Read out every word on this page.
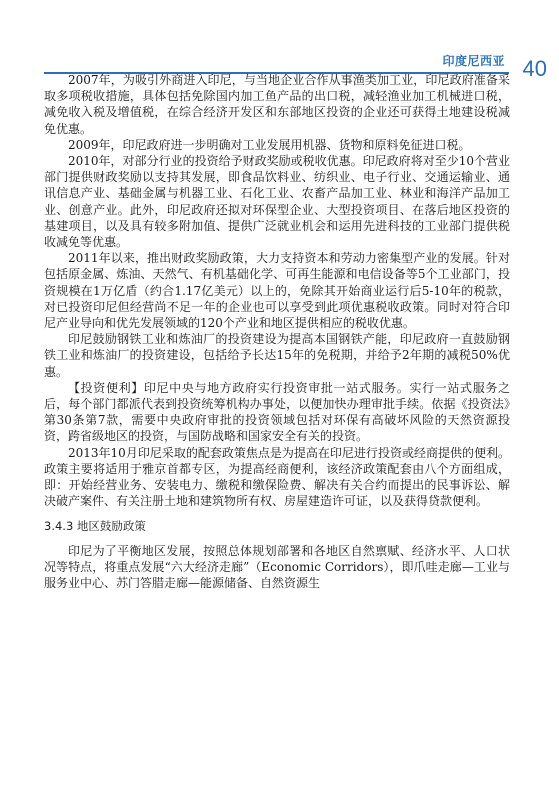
印度尼西亚 40

2007年，为吸引外商进入印尼，与当地企业合作从事渔类加工业，印尼政府准备采取多项税收措施，具体包括免除国内加工鱼产品的出口税，减轻渔业加工机械进口税，减免收入税及增值税，在综合经济开发区和东部地区投资的企业还可获得土地建设税减免优惠。

2009年，印尼政府进一步明确对工业发展用机器、货物和原料免征进口税。

2010年，对部分行业的投资给予财政奖励或税收优惠。印尼政府将对至少10个营业部门提供财政奖励以支持其发展，即食品饮料业、纺织业、电子行业、交通运输业、通讯信息产业、基础金属与机器工业、石化工业、农畜产品加工业、林业和海洋产品加工业、创意产业。此外，印尼政府还拟对环保型企业、大型投资项目、在落后地区投资的基建项目，以及具有较多附加值、提供广泛就业机会和运用先进科技的工业部门提供税收减免等优惠。

2011年以来，推出财政奖励政策，大力支持资本和劳动力密集型产业的发展。针对包括原金属、炼油、天然气、有机基础化学、可再生能源和电信设备等5个工业部门，投资规模在1万亿盾（约合1.17亿美元）以上的，免除其开始商业运行后5-10年的税款，对已投资印尼但经营尚不足一年的企业也可以享受到此项优惠税收政策。同时对符合印尼产业导向和优先发展领域的120个产业和地区提供相应的税收优惠。

印尼鼓励钢铁工业和炼油厂的投资建设为提高本国钢铁产能，印尼政府一直鼓励钢铁工业和炼油厂的投资建设，包括给予长达15年的免税期，并给予2年期的减税50%优惠。

【投资便利】印尼中央与地方政府实行投资审批一站式服务。实行一站式服务之后，每个部门都派代表到投资统筹机构办事处，以便加快办理审批手续。依据《投资法》第30条第7款，需要中央政府审批的投资领域包括对环保有高破坏风险的天然资源投资，跨省级地区的投资，与国防战略和国家安全有关的投资。

2013年10月印尼采取的配套政策焦点是为提高在印尼进行投资或经商提供的便利。政策主要将适用于雅京首都专区，为提高经商便利，该经济政策配套由八个方面组成，即：开始经营业务、安装电力、缴税和缴保险费、解决有关合约而提出的民事诉讼、解决破产案件、有关注册土地和建筑物所有权、房屋建造许可证，以及获得贷款便利。

3.4.3 地区鼓励政策

印尼为了平衡地区发展，按照总体规划部署和各地区自然禀赋、经济水平、人口状况等特点，将重点发展“六大经济走廊”（Economic Corridors），即爪哇走廊—工业与服务业中心、苏门答腊走廊—能源储备、自然资源生
